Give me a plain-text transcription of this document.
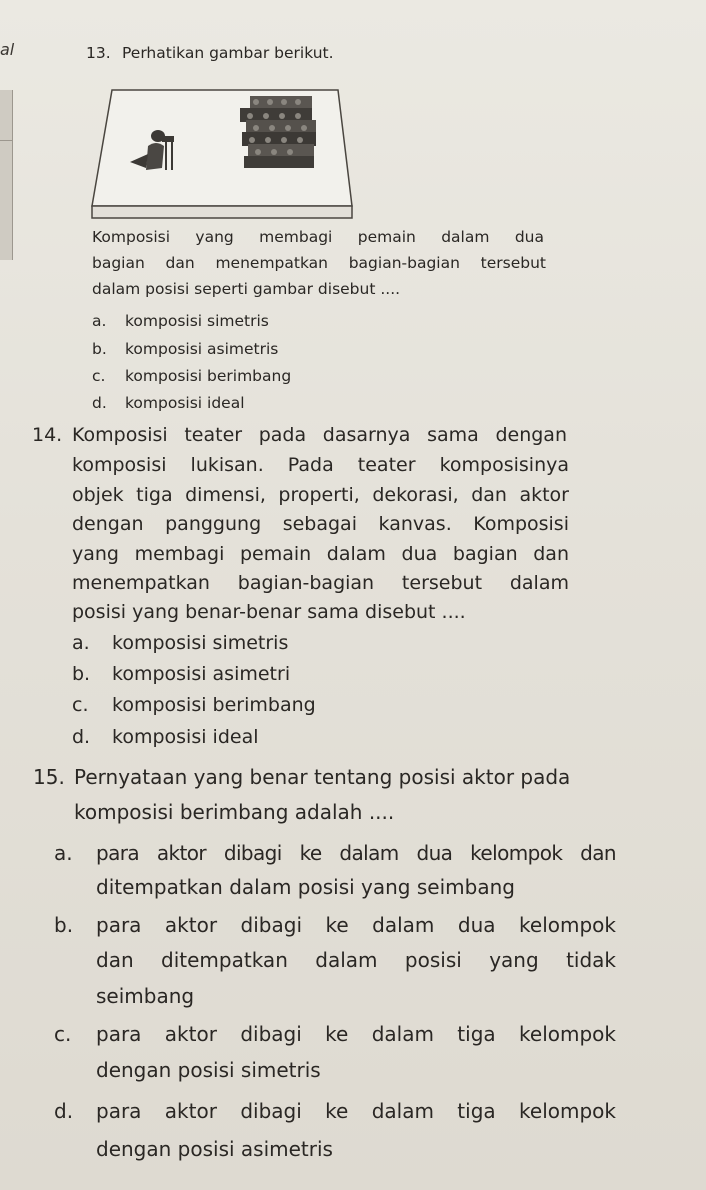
al	13. Perhatikan gambar berikut.
Komposisi yang membagi pemain dalam dua
bagian dan menempatkan bagian-bagian tersebut
dalam posisi seperti gambar disebut ....
a. komposisi simetris
b. komposisi asimetris
c. komposisi berimbang
d. komposisi ideal
14. Komposisi teater pada dasarnya sama dengan
komposisi lukisan. Pada teater komposisinya
objek tiga dimensi, properti, dekorasi, dan aktor
dengan panggung sebagai kanvas. Komposisi
yang membagi pemain dalam dua bagian dan
menempatkan bagian-bagian tersebut dalam
posisi yang benar-benar sama disebut ....
a. komposisi simetris
b. komposisi asimetri
c. komposisi berimbang
d. komposisi ideal
15. Pernyataan yang benar tentang posisi aktor pada
komposisi berimbang adalah ....
a. para aktor dibagi ke dalam dua kelompok dan
ditempatkan dalam posisi yang seimbang
b. para aktor dibagi ke dalam dua kelompok
dan ditempatkan dalam posisi yang tidak
seimbang
c. para aktor dibagi ke dalam tiga kelompok
dengan posisi simetris
d. para aktor dibagi ke dalam tiga kelompok
dengan posisi asimetris
